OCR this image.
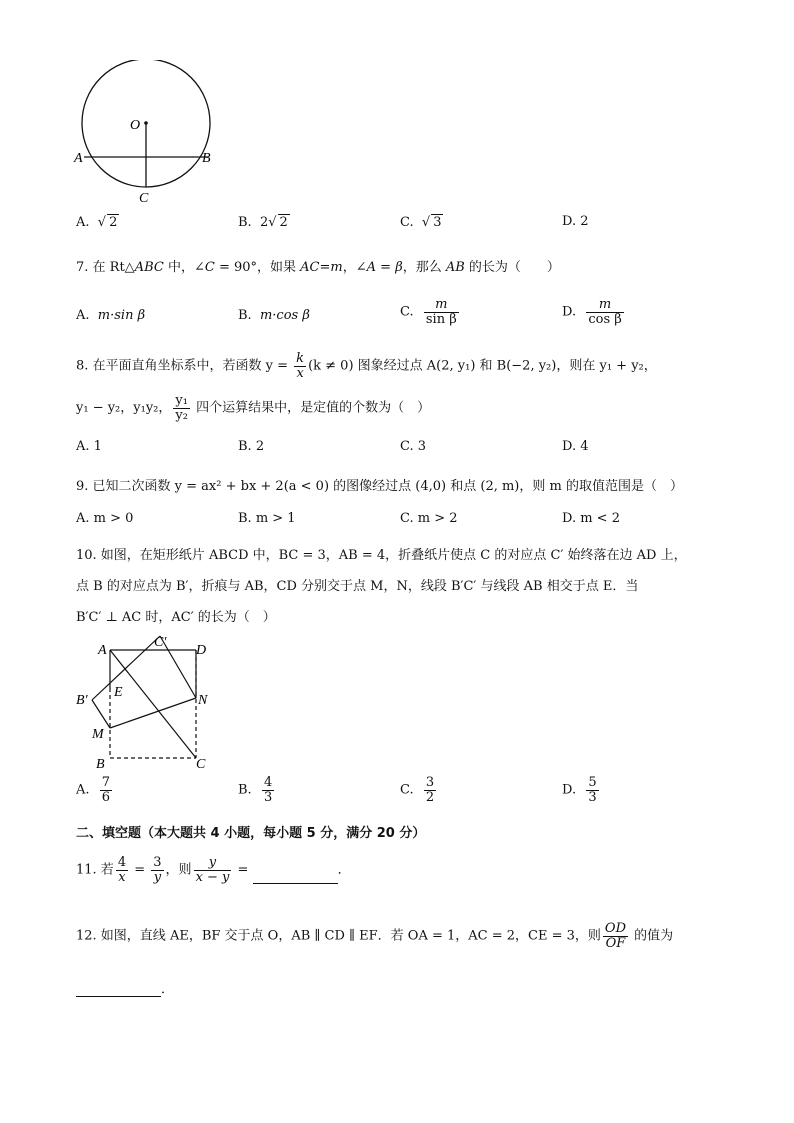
O
A	B
C
A.  √ 2	B. 2√ 2	C.  √ 3	D. 2
7. 在 Rt△ABC 中，∠C = 90°，如果 AC=m，∠A = β，那么 AB 的长为（　　）
A. m·sin β	B. m·cos β	C. $\frac{m}{\text{sin β}}$	D. $\frac{m}{\text{cos β}}$
8. 在平面直角坐标系中，若函数 $y = \frac{k}{x} (k \ne 0)$ 图象经过点 A(2, y₁) 和 B(−2, y₂)，则在 y₁ + y₂，
y₁ − y₂，y₁y₂， $\frac{\text{y₁}}{\text{y₂}}$ 四个运算结果中，是定值的个数为（　）
A. 1	B. 2	C. 3	D. 4
9. 已知二次函数 y = ax² + bx + 2(a < 0) 的图像经过点 (4,0) 和点 (2, m)，则 m 的取值范围是（　）
A. m > 0	B. m > 1	C. m > 2	D. m < 2
10. 如图，在矩形纸片 ABCD 中，BC = 3，AB = 4，折叠纸片使点 C 的对应点 C′ 始终落在边 AD 上，
点 B 的对应点为 B′，折痕与 AB，CD 分别交于点 M，N，线段 B′C′ 与线段 AB 相交于点 E．当
B′C′ ⊥ AC 时，AC′ 的长为（　）
A
C′
D
B′
E
N
M
B	C
A. $\frac{7}{6}$	B. $\frac{4}{3}$	C. $\frac{3}{2}$	D. $\frac{5}{3}$
二、填空题（本大题共 4 小题，每小题 5 分，满分 20 分）
11. 若 $\frac{4}{x} = \frac{3}{y}$ ，则 $\frac{y}{x - y}$ =	．
12. 如图，直线 AE，BF 交于点 O，AB ∥ CD ∥ EF．若 OA = 1，AC = 2，CE = 3，则 $\frac{OD}{OF}$ 的值为
．
